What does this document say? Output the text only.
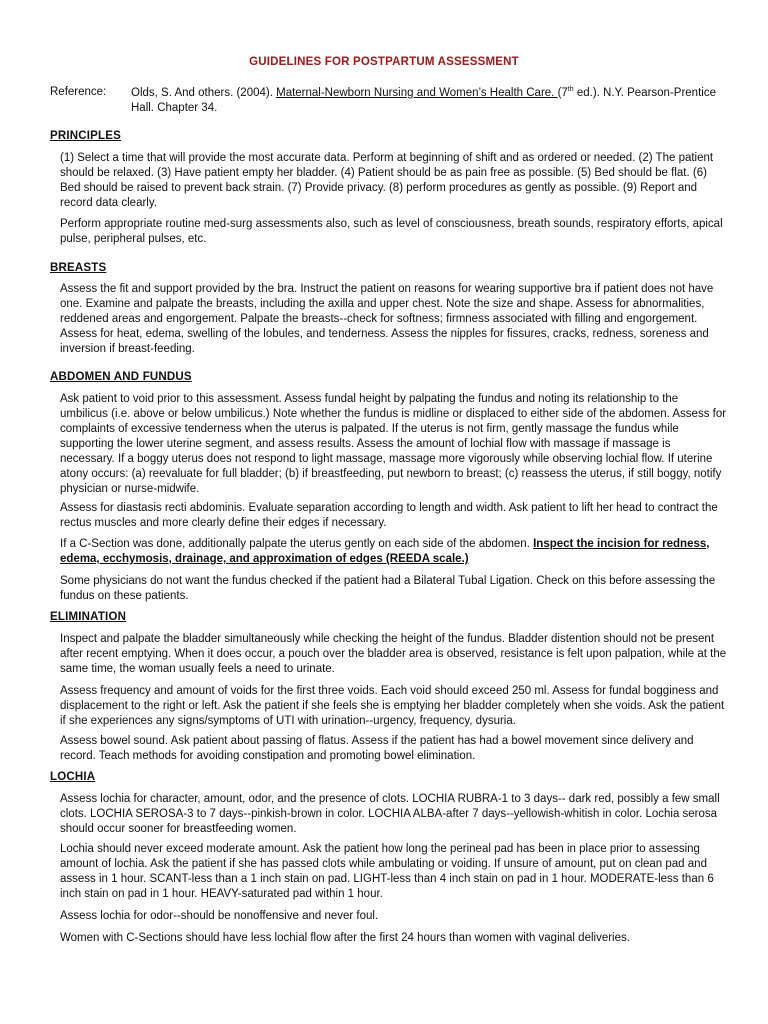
GUIDELINES FOR POSTPARTUM ASSESSMENT
Reference: Olds, S. And others. (2004). Maternal-Newborn Nursing and Women’s Health Care. (7th ed.). N.Y. Pearson-Prentice Hall. Chapter 34.
PRINCIPLES
(1) Select a time that will provide the most accurate data. Perform at beginning of shift and as ordered or needed. (2) The patient should be relaxed. (3) Have patient empty her bladder. (4) Patient should be as pain free as possible. (5) Bed should be flat. (6) Bed should be raised to prevent back strain. (7) Provide privacy. (8) perform procedures as gently as possible. (9) Report and record data clearly.
Perform appropriate routine med-surg assessments also, such as level of consciousness, breath sounds, respiratory efforts, apical pulse, peripheral pulses, etc.
BREASTS
Assess the fit and support provided by the bra. Instruct the patient on reasons for wearing supportive bra if patient does not have one. Examine and palpate the breasts, including the axilla and upper chest. Note the size and shape. Assess for abnormalities, reddened areas and engorgement. Palpate the breasts--check for softness; firmness associated with filling and engorgement. Assess for heat, edema, swelling of the lobules, and tenderness. Assess the nipples for fissures, cracks, redness, soreness and inversion if breast-feeding.
ABDOMEN AND FUNDUS
Ask patient to void prior to this assessment. Assess fundal height by palpating the fundus and noting its relationship to the umbilicus (i.e. above or below umbilicus.) Note whether the fundus is midline or displaced to either side of the abdomen. Assess for complaints of excessive tenderness when the uterus is palpated. If the uterus is not firm, gently massage the fundus while supporting the lower uterine segment, and assess results. Assess the amount of lochial flow with massage if massage is necessary. If a boggy uterus does not respond to light massage, massage more vigorously while observing lochial flow. If uterine atony occurs: (a) reevaluate for full bladder; (b) if breastfeeding, put newborn to breast; (c) reassess the uterus, if still boggy, notify physician or nurse-midwife.
Assess for diastasis recti abdominis. Evaluate separation according to length and width. Ask patient to lift her head to contract the rectus muscles and more clearly define their edges if necessary.
If a C-Section was done, additionally palpate the uterus gently on each side of the abdomen. Inspect the incision for redness, edema, ecchymosis, drainage, and approximation of edges (REEDA scale.)
Some physicians do not want the fundus checked if the patient had a Bilateral Tubal Ligation. Check on this before assessing the fundus on these patients.
ELIMINATION
Inspect and palpate the bladder simultaneously while checking the height of the fundus. Bladder distention should not be present after recent emptying. When it does occur, a pouch over the bladder area is observed, resistance is felt upon palpation, while at the same time, the woman usually feels a need to urinate.
Assess frequency and amount of voids for the first three voids. Each void should exceed 250 ml. Assess for fundal bogginess and displacement to the right or left. Ask the patient if she feels she is emptying her bladder completely when she voids. Ask the patient if she experiences any signs/symptoms of UTI with urination--urgency, frequency, dysuria.
Assess bowel sound. Ask patient about passing of flatus. Assess if the patient has had a bowel movement since delivery and record. Teach methods for avoiding constipation and promoting bowel elimination.
LOCHIA
Assess lochia for character, amount, odor, and the presence of clots. LOCHIA RUBRA-1 to 3 days-- dark red, possibly a few small clots. LOCHIA SEROSA-3 to 7 days--pinkish-brown in color. LOCHIA ALBA-after 7 days--yellowish-whitish in color. Lochia serosa should occur sooner for breastfeeding women.
Lochia should never exceed moderate amount. Ask the patient how long the perineal pad has been in place prior to assessing amount of lochia. Ask the patient if she has passed clots while ambulating or voiding. If unsure of amount, put on clean pad and assess in 1 hour. SCANT-less than a 1 inch stain on pad. LIGHT-less than 4 inch stain on pad in 1 hour. MODERATE-less than 6 inch stain on pad in 1 hour. HEAVY-saturated pad within 1 hour.
Assess lochia for odor--should be nonoffensive and never foul.
Women with C-Sections should have less lochial flow after the first 24 hours than women with vaginal deliveries.
